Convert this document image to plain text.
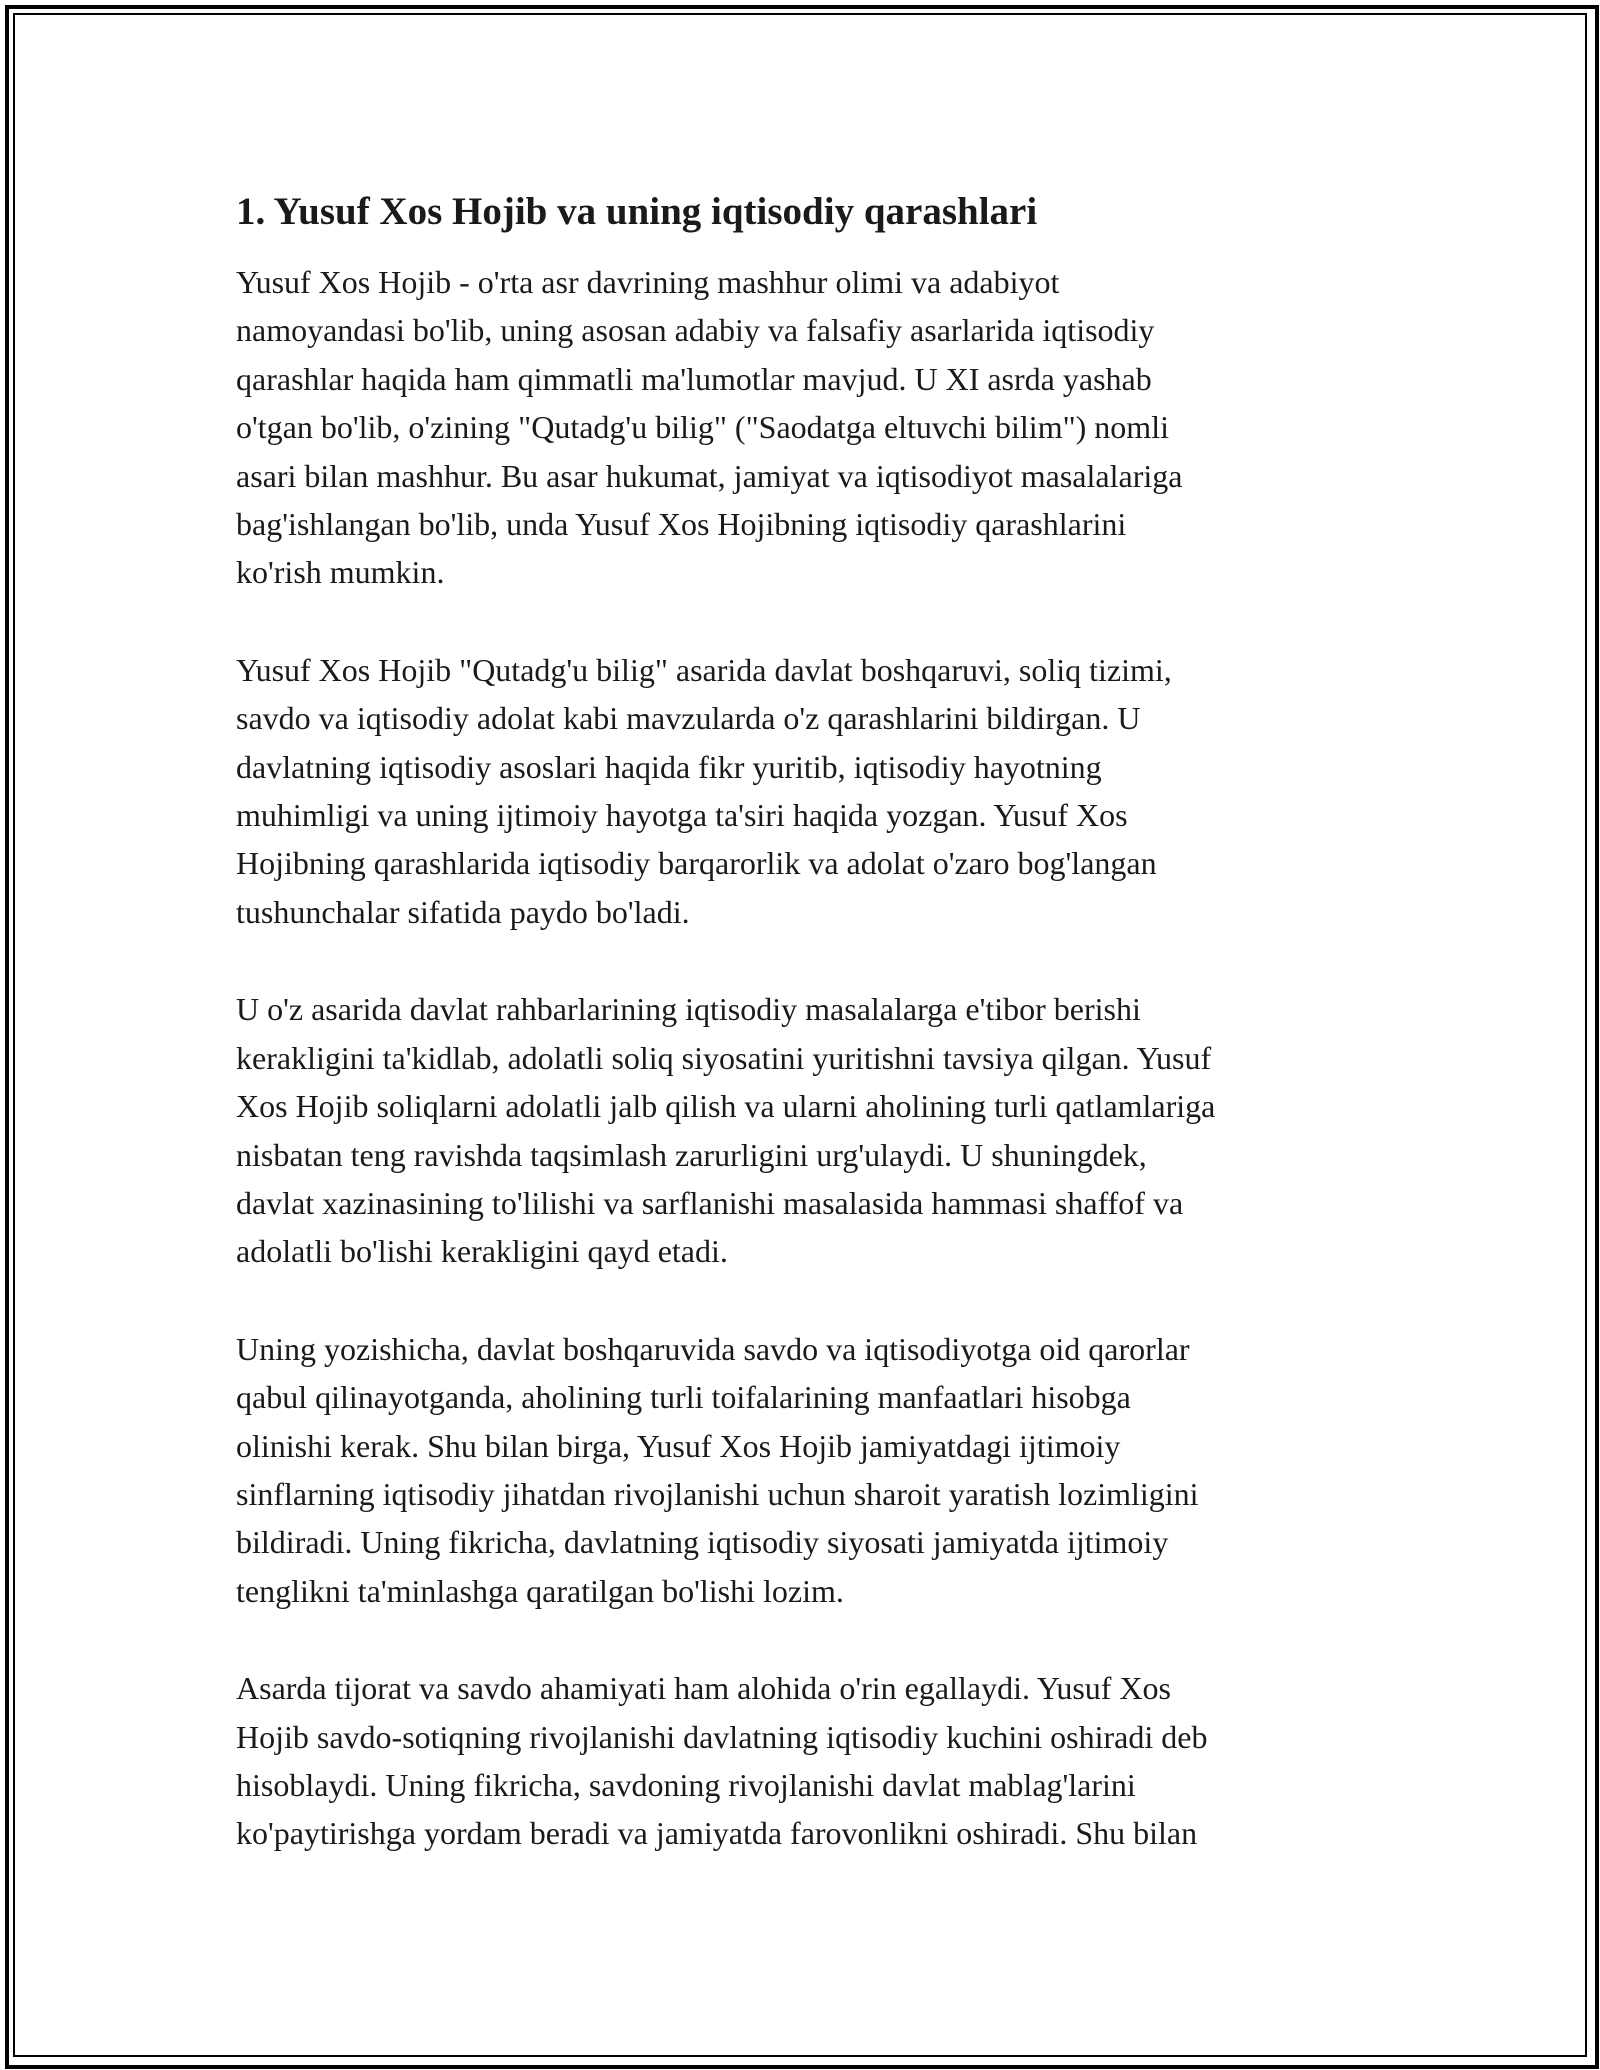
1. Yusuf Xos Hojib va uning iqtisodiy qarashlari

Yusuf Xos Hojib - o'rta asr davrining mashhur olimi va adabiyot
namoyandasi bo'lib, uning asosan adabiy va falsafiy asarlarida iqtisodiy
qarashlar haqida ham qimmatli ma'lumotlar mavjud. U XI asrda yashab
o'tgan bo'lib, o'zining "Qutadg'u bilig" ("Saodatga eltuvchi bilim") nomli
asari bilan mashhur. Bu asar hukumat, jamiyat va iqtisodiyot masalalariga
bag'ishlangan bo'lib, unda Yusuf Xos Hojibning iqtisodiy qarashlarini
ko'rish mumkin.

Yusuf Xos Hojib "Qutadg'u bilig" asarida davlat boshqaruvi, soliq tizimi,
savdo va iqtisodiy adolat kabi mavzularda o'z qarashlarini bildirgan. U
davlatning iqtisodiy asoslari haqida fikr yuritib, iqtisodiy hayotning
muhimligi va uning ijtimoiy hayotga ta'siri haqida yozgan. Yusuf Xos
Hojibning qarashlarida iqtisodiy barqarorlik va adolat o'zaro bog'langan
tushunchalar sifatida paydo bo'ladi.

U o'z asarida davlat rahbarlarining iqtisodiy masalalarga e'tibor berishi
kerakligini ta'kidlab, adolatli soliq siyosatini yuritishni tavsiya qilgan. Yusuf
Xos Hojib soliqlarni adolatli jalb qilish va ularni aholining turli qatlamlariga
nisbatan teng ravishda taqsimlash zarurligini urg'ulaydi. U shuningdek,
davlat xazinasining to'lilishi va sarflanishi masalasida hammasi shaffof va
adolatli bo'lishi kerakligini qayd etadi.

Uning yozishicha, davlat boshqaruvida savdo va iqtisodiyotga oid qarorlar
qabul qilinayotganda, aholining turli toifalarining manfaatlari hisobga
olinishi kerak. Shu bilan birga, Yusuf Xos Hojib jamiyatdagi ijtimoiy
sinflarning iqtisodiy jihatdan rivojlanishi uchun sharoit yaratish lozimligini
bildiradi. Uning fikricha, davlatning iqtisodiy siyosati jamiyatda ijtimoiy
tenglikni ta'minlashga qaratilgan bo'lishi lozim.

Asarda tijorat va savdo ahamiyati ham alohida o'rin egallaydi. Yusuf Xos
Hojib savdo-sotiqning rivojlanishi davlatning iqtisodiy kuchini oshiradi deb
hisoblaydi. Uning fikricha, savdoning rivojlanishi davlat mablag'larini
ko'paytirishga yordam beradi va jamiyatda farovonlikni oshiradi. Shu bilan
